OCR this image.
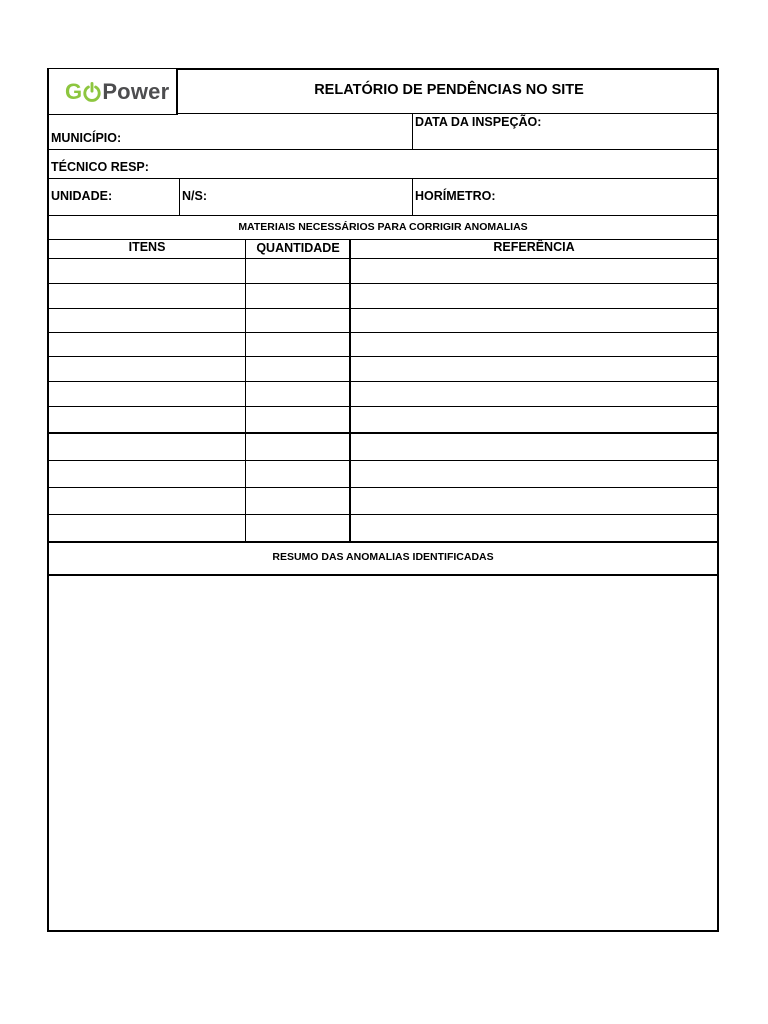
G Power	RELATÓRIO DE PENDÊNCIAS NO SITE
MUNICÍPIO:
DATA DA INSPEÇÃO:
TÉCNICO RESP:
UNIDADE:	N/S:	HORÍMETRO:
MATERIAIS NECESSÁRIOS PARA CORRIGIR ANOMALIAS
ITENS	QUANTIDADE	REFERÊNCIA
RESUMO DAS ANOMALIAS IDENTIFICADAS
